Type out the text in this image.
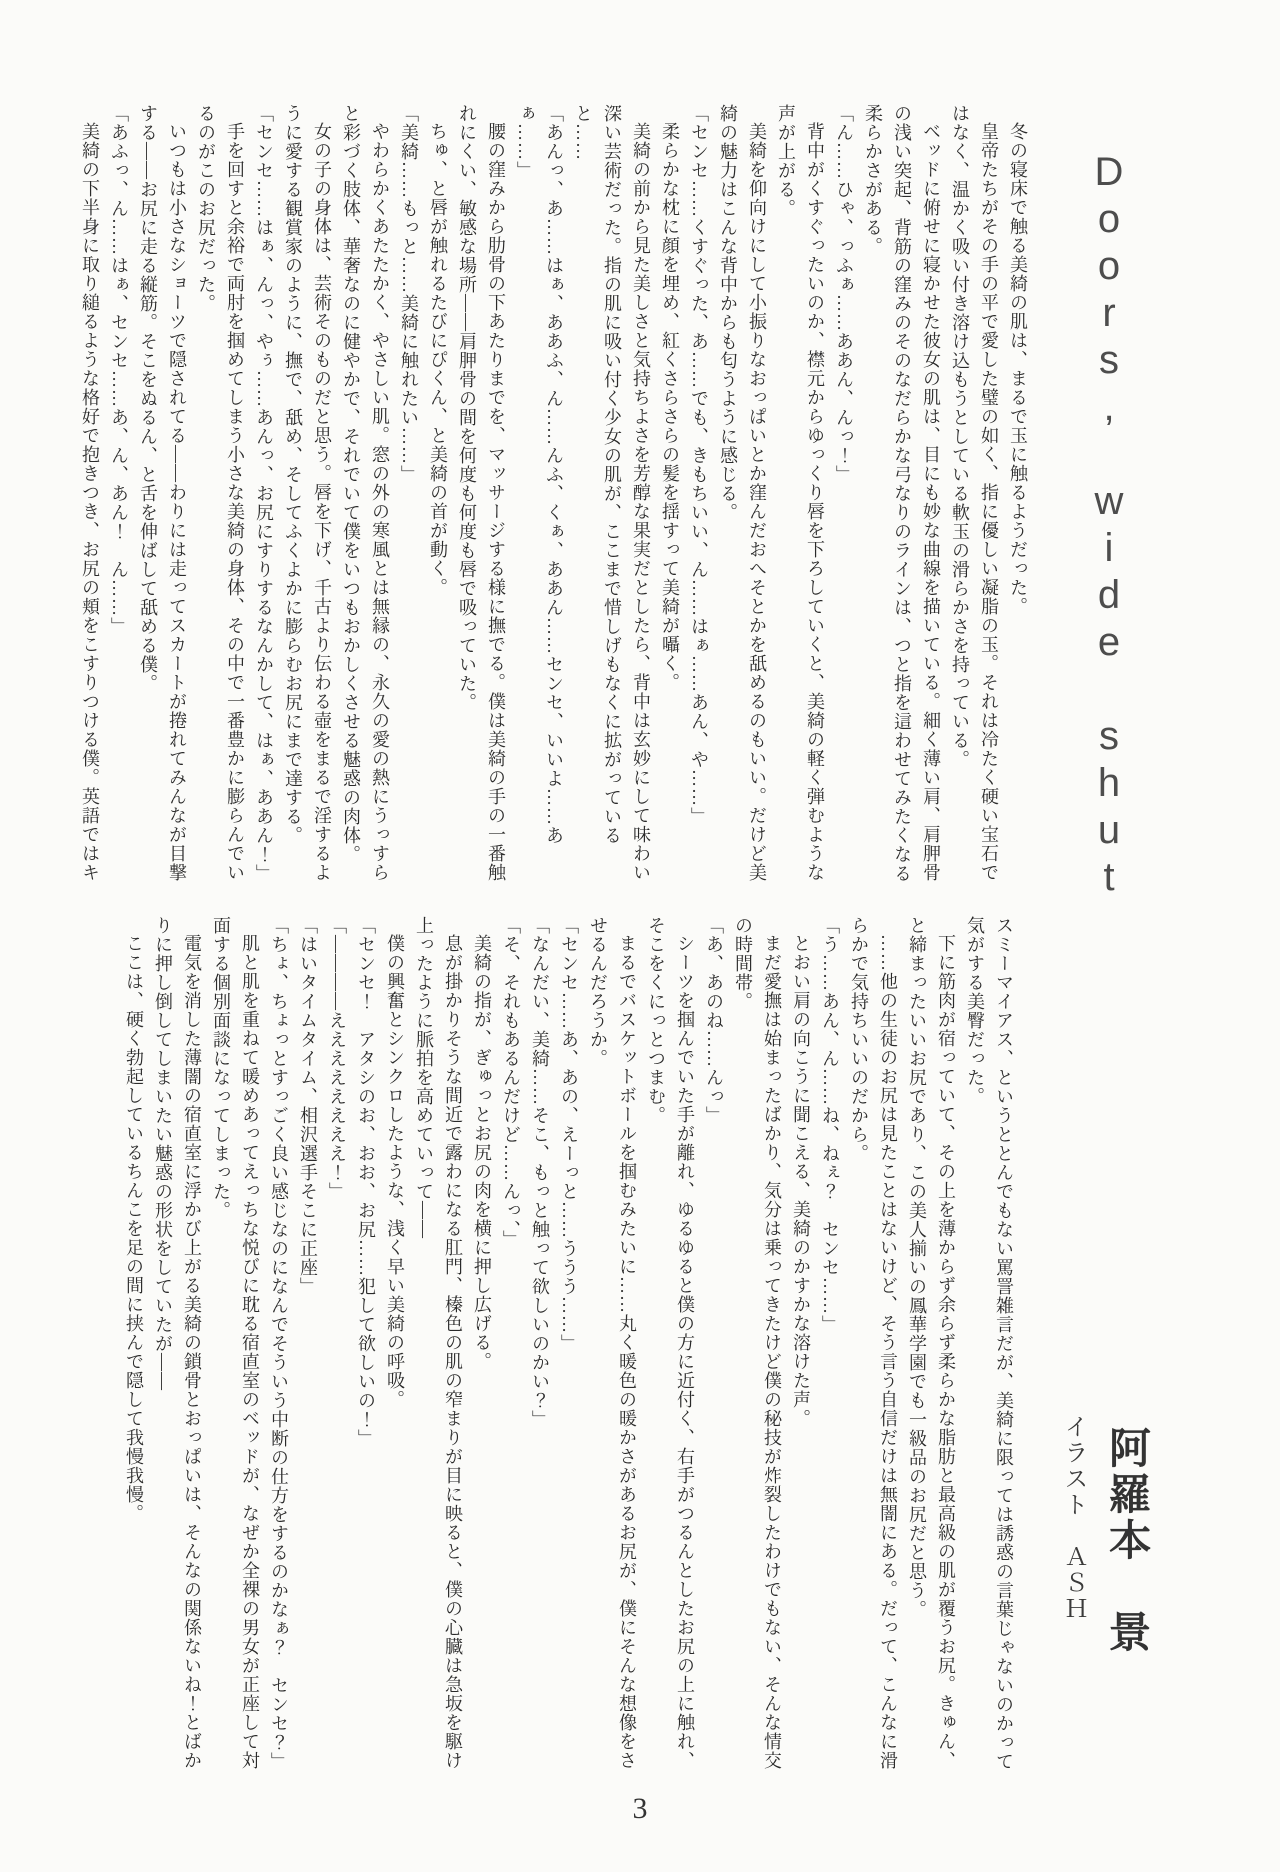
Doors, wide shut

冬の寝床で触る美綺の肌は、まるで玉に触るようだった。

皇帝たちがその手の平で愛した璧の如く、指に優しい凝脂の玉。それは冷たく硬い宝石ではなく、温かく吸い付き溶け込もうとしている軟玉の滑らかさを持っている。

ベッドに俯せに寝かせた彼女の肌は、目にも妙な曲線を描いている。細く薄い肩、肩胛骨の浅い突起、背筋の窪みのそのなだらかな弓なりのラインは、つと指を這わせてみたくなる柔らかさがある。

「ん……ひゃ、っふぁ……ああん、んっ！」

背中がくすぐったいのか、襟元からゆっくり唇を下ろしていくと、美綺の軽く弾むような声が上がる。

美綺を仰向けにして小振りなおっぱいとか窪んだおへそとかを舐めるのもいい。だけど美綺の魅力はこんな背中からも匂うように感じる。

「センセ……くすぐった、あ……でも、きもちいい、ん……はぁ……あん、や……」

柔らかな枕に顔を埋め、紅くさらさらの髪を揺すって美綺が囁く。

美綺の前から見た美しさと気持ちよさを芳醇な果実だとしたら、背中は玄妙にして味わい深い芸術だった。指の肌に吸い付く少女の肌が、ここまで惜しげもなくに拡がっていると……

「あんっ、あ……はぁ、ああふ、ん……んふ、くぁ、ああん……センセ、いいよ……あぁ……」

腰の窪みから肋骨の下あたりまでを、マッサージする様に撫でる。僕は美綺の手の一番触れにくい、敏感な場所――肩胛骨の間を何度も何度も唇で吸っていた。

ちゅ、と唇が触れるたびにぴくん、と美綺の首が動く。

「美綺……もっと……美綺に触れたい……」

やわらかくあたたかく、やさしい肌。窓の外の寒風とは無縁の、永久の愛の熱にうっすらと彩づく肢体、華奢なのに健やかで、それでいて僕をいつもおかしくさせる魅惑の肉体。

女の子の身体は、芸術そのものだと思う。唇を下げ、千古より伝わる壺をまるで淫するように愛する観賞家のように、撫で、舐め、そしてふくよかに膨らむお尻にまで達する。

「センセ……はぁ、んっ、やぅ……あんっ、お尻にすりするなんかして、はぁ、ああん！」

手を回すと余裕で両肘を掴めてしまう小さな美綺の身体、その中で一番豊かに膨らんでいるのがこのお尻だった。

いつもは小さなショーツで隠されてる――わりには走ってスカートが捲れてみんなが目撃する――お尻に走る縦筋。そこをぬるん、と舌を伸ばして舐める僕。

「あふっ、ん……はぁ、センセ……あ、ん、あん！　ん……」

美綺の下半身に取り縋るような格好で抱きつき、お尻の頬をこすりつける僕。英語ではキ

スミーマイアス、というととんでもない罵詈雑言だが、美綺に限っては誘惑の言葉じゃないのかって気がする美臀だった。

下に筋肉が宿っていて、その上を薄からず余らず柔らかな脂肪と最高級の肌が覆うお尻。きゅん、と締まったいいお尻であり、この美人揃いの鳳華学園でも一級品のお尻だと思う。

……他の生徒のお尻は見たことはないけど、そう言う自信だけは無闇にある。だって、こんなに滑らかで気持ちいいのだから。

「う……あん、ん……ね、ねぇ？　センセ……」

とおい肩の向こうに聞こえる、美綺のかすかな溶けた声。

まだ愛撫は始まったばかり、気分は乗ってきたけど僕の秘技が炸裂したわけでもない、そんな情交の時間帯。

「あ、あのね……んっ」

シーツを掴んでいた手が離れ、ゆるゆると僕の方に近付く、右手がつるんとしたお尻の上に触れ、そこをくにっとつまむ。

まるでバスケットボールを掴むみたいに……丸く暖色の暖かさがあるお尻が、僕にそんな想像をさせるんだろうか。

「センセ……あ、あの、えーっと……ううう……」

「なんだい、美綺……そこ、もっと触って欲しいのかい？」

「そ、それもあるんだけど……んっ、」

美綺の指が、ぎゅっとお尻の肉を横に押し広げる。

息が掛かりそうな間近で露わになる肛門、榛色の肌の窄まりが目に映ると、僕の心臓は急坂を駆け上ったように脈拍を高めていって――

僕の興奮とシンクロしたような、浅く早い美綺の呼吸。

「センセ！　アタシのお、おお、お尻……犯して欲しいの！」

「――――ええええええええ！」

「はいタイムタイム、相沢選手そこに正座」

「ちょ、ちょっとすっごく良い感じなのになんでそういう中断の仕方をするのかなぁ？　センセ？」

肌と肌を重ねて暖めあってえっちな悦びに耽る宿直室のベッドが、なぜか全裸の男女が正座して対面する個別面談になってしまった。

電気を消した薄闇の宿直室に浮かび上がる美綺の鎖骨とおっぱいは、そんなの関係ないね！とばかりに押し倒してしまいたい魅惑の形状をしていたが――

ここは、硬く勃起しているちんこを足の間に挟んで隠して我慢我慢。

阿羅本　景
イラスト　ＡＳＨ
3
